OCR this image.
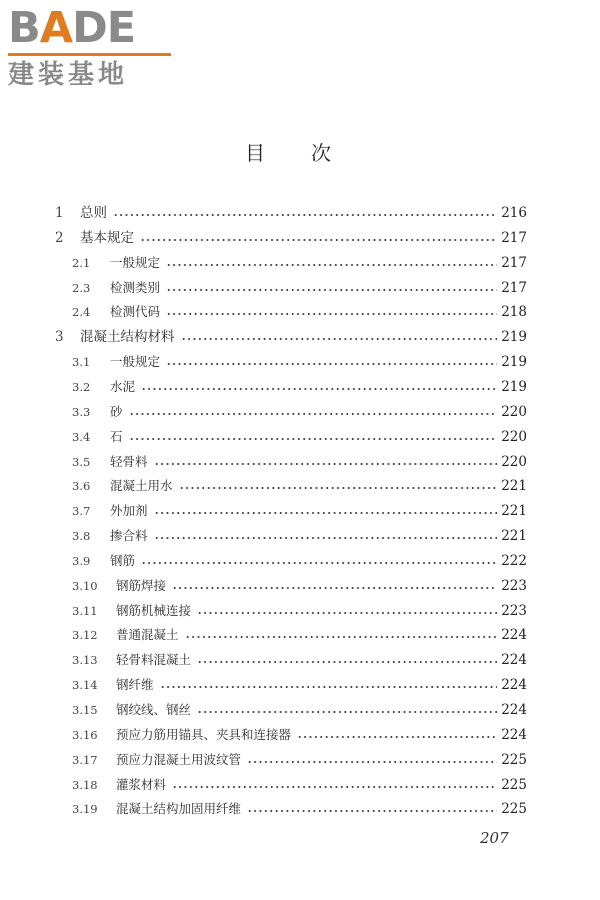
BADE
建装基地
目 次
1	总则	216
2	基本规定	217
2.1	一般规定	217
2.3	检测类别	217
2.4	检测代码	218
3	混凝土结构材料	219
3.1	一般规定	219
3.2	水泥	219
3.3	砂	220
3.4	石	220
3.5	轻骨料	220
3.6	混凝土用水	221
3.7	外加剂	221
3.8	掺合料	221
3.9	钢筋	222
3.10	钢筋焊接	223
3.11	钢筋机械连接	223
3.12	普通混凝土	224
3.13	轻骨料混凝土	224
3.14	钢纤维	224
3.15	钢绞线、钢丝	224
3.16	预应力筋用锚具、夹具和连接器	224
3.17	预应力混凝土用波纹管	225
3.18	灌浆材料	225
3.19	混凝土结构加固用纤维	225
207
